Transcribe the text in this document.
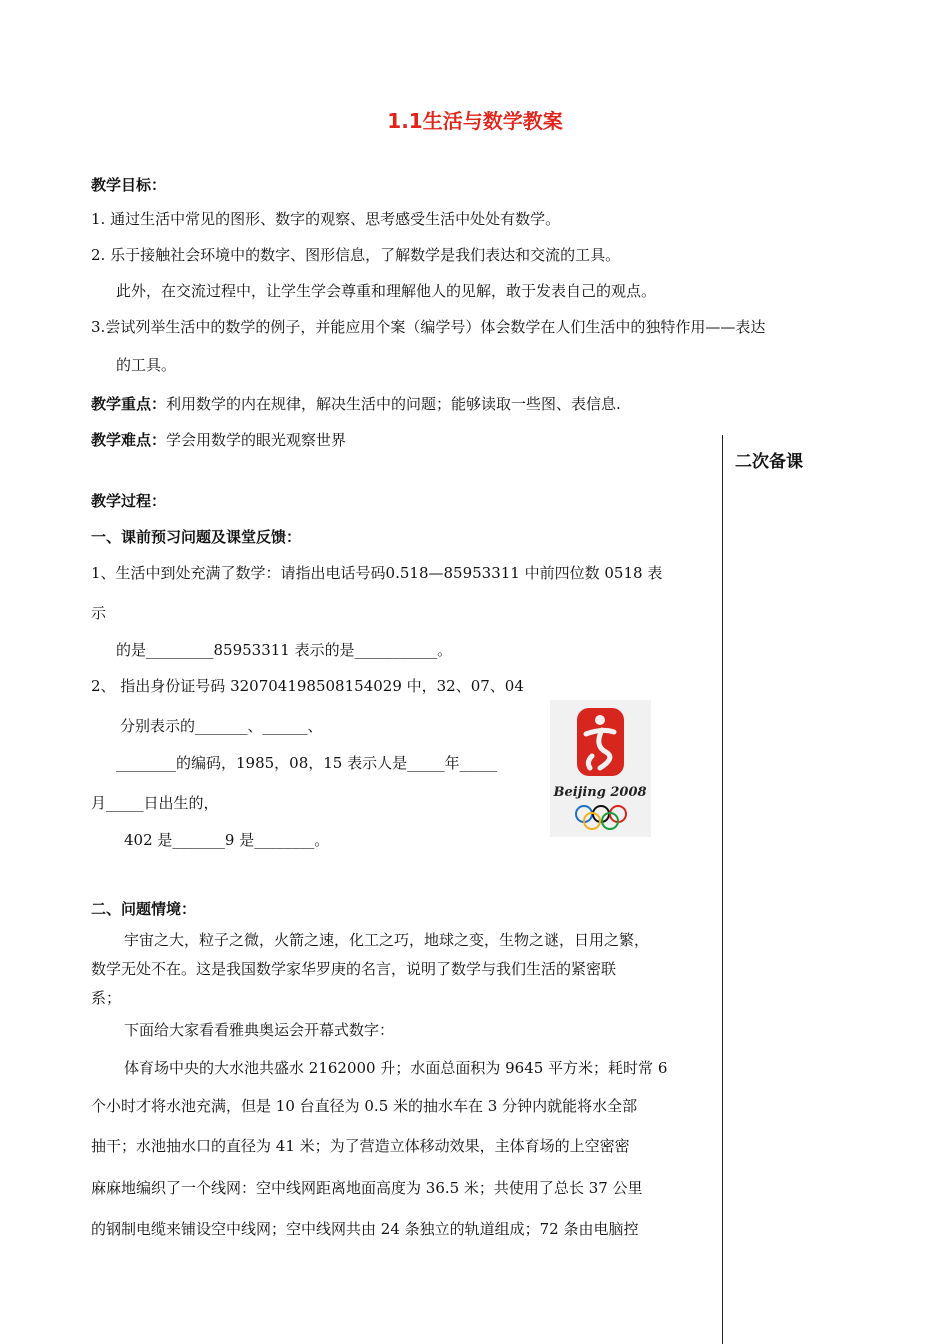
1.1生活与数学教案
教学目标：
1. 通过生活中常见的图形、数字的观察、思考感受生活中处处有数学。
2. 乐于接触社会环境中的数字、图形信息，了解数学是我们表达和交流的工具。
此外，在交流过程中，让学生学会尊重和理解他人的见解，敢于发表自己的观点。
3.尝试列举生活中的数学的例子，并能应用个案（编学号）体会数学在人们生活中的独特作用——表达
的工具。
教学重点：利用数学的内在规律，解决生活中的问题；能够读取一些图、表信息.
教学难点：学会用数学的眼光观察世界
二次备课
教学过程：
一、课前预习问题及课堂反馈：
1、生活中到处充满了数学：请指出电话号码0.518—85953311 中前四位数 0518 表
示
的是_________85953311 表示的是___________。
2、 指出身份证号码 320704198508154029 中，32、07、04
分别表示的_______、______、
________的编码，1985，08，15 表示人是_____年_____
月_____日出生的，
402 是_______9 是________。
Beijing 2008
二、问题情境：
宇宙之大，粒子之微，火箭之速，化工之巧，地球之变，生物之谜，日用之繁，
数学无处不在。这是我国数学家华罗庚的名言，说明了数学与我们生活的紧密联
系；
下面给大家看看雅典奥运会开幕式数字：
体育场中央的大水池共盛水 2162000 升；水面总面积为 9645 平方米；耗时常 6
个小时才将水池充满，但是 10 台直径为 0.5 米的抽水车在 3 分钟内就能将水全部
抽干；水池抽水口的直径为 41 米；为了营造立体移动效果，主体育场的上空密密
麻麻地编织了一个线网：空中线网距离地面高度为 36.5 米；共使用了总长 37 公里
的钢制电缆来铺设空中线网；空中线网共由 24 条独立的轨道组成；72 条由电脑控
